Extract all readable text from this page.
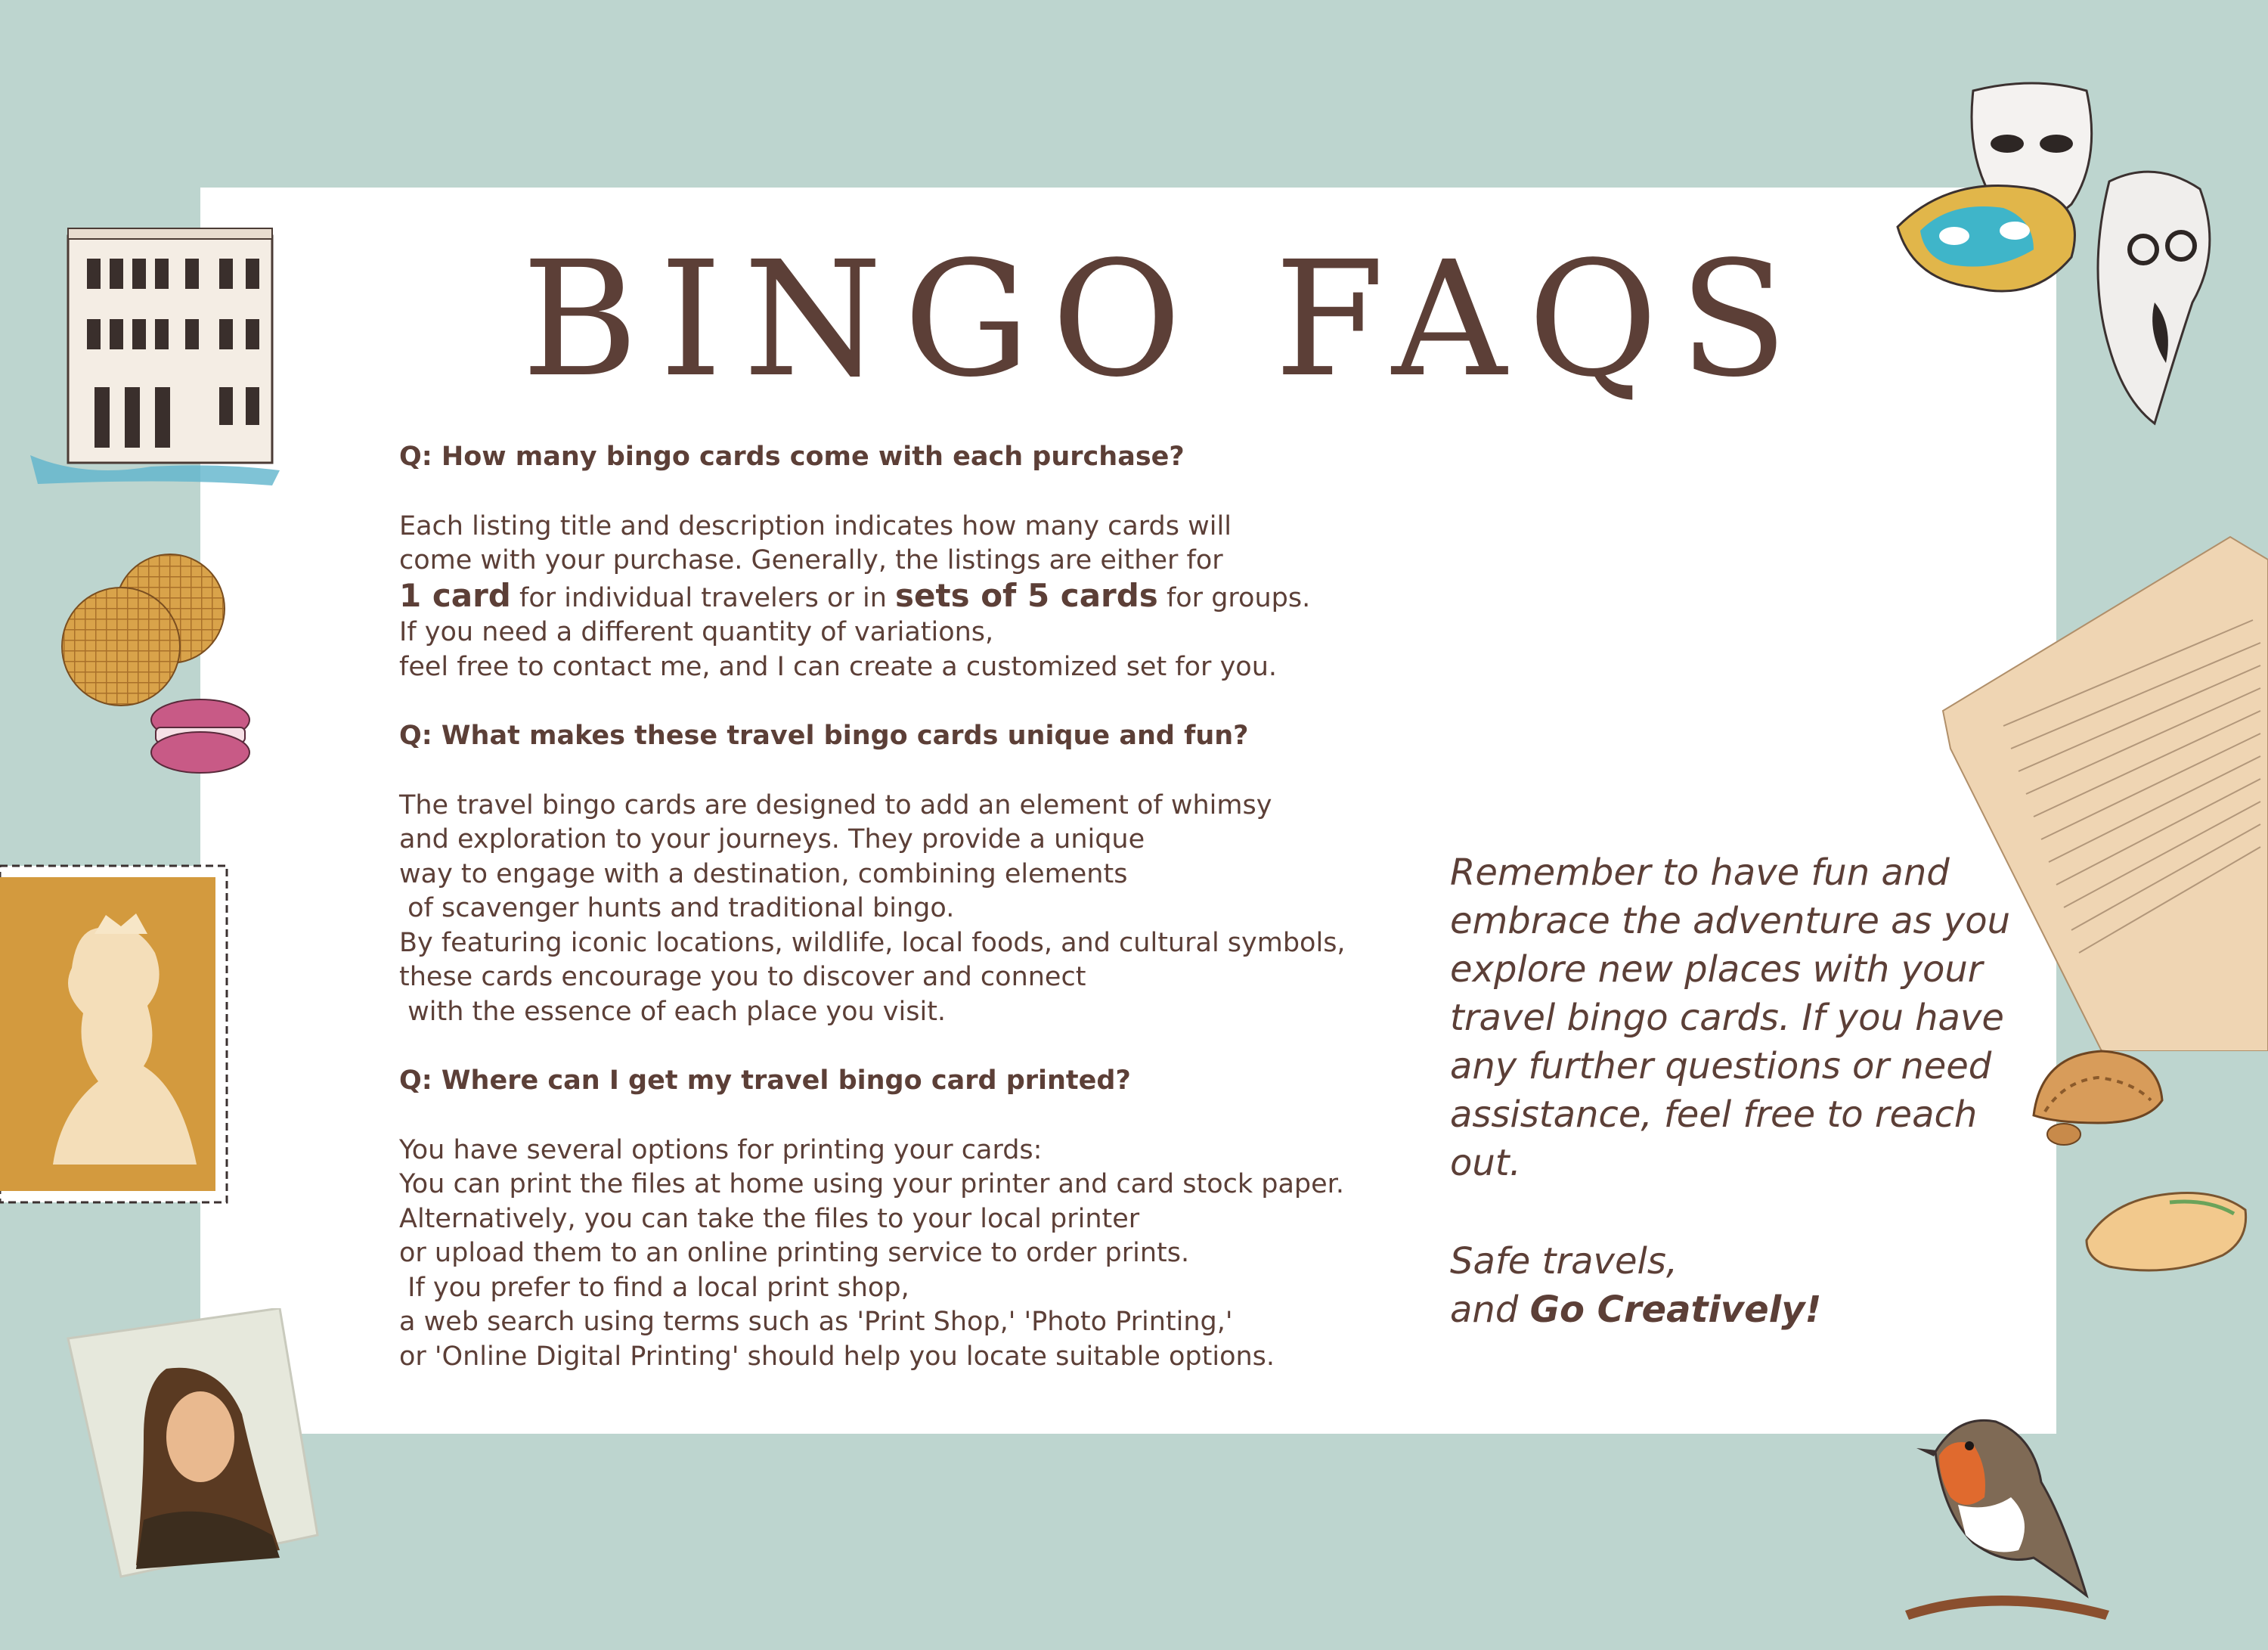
BINGO FAQS

Q: How many bingo cards come with each purchase?

Each listing title and description indicates how many cards will
come with your purchase. Generally, the listings are either for
1 card for individual travelers or in sets of 5 cards for groups.
If you need a different quantity of variations,
feel free to contact me, and I can create a customized set for you.

Q: What makes these travel bingo cards unique and fun?

The travel bingo cards are designed to add an element of whimsy
and exploration to your journeys. They provide a unique
way to engage with a destination, combining elements
of scavenger hunts and traditional bingo.
By featuring iconic locations, wildlife, local foods, and cultural symbols,
these cards encourage you to discover and connect
with the essence of each place you visit.

Q: Where can I get my travel bingo card printed?

You have several options for printing your cards:
You can print the files at home using your printer and card stock paper.
Alternatively, you can take the files to your local printer
or upload them to an online printing service to order prints.
If you prefer to find a local print shop,
a web search using terms such as 'Print Shop,' 'Photo Printing,'
or 'Online Digital Printing' should help you locate suitable options.
Remember to have fun and
embrace the adventure as you
explore new places with your
travel bingo cards. If you have
any further questions or need
assistance, feel free to reach
out.
Safe travels,
and Go Creatively!
